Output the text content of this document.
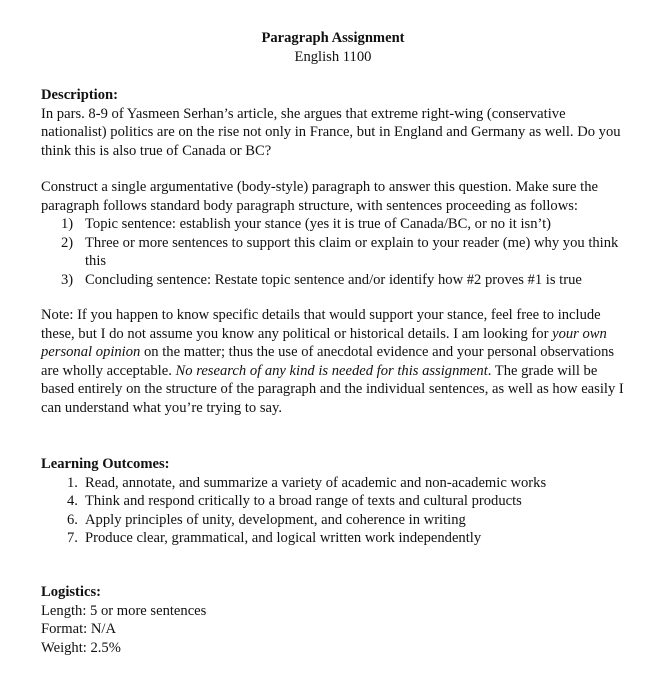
Paragraph Assignment
English 1100
Description:

In pars. 8-9 of Yasmeen Serhan’s article, she argues that extreme right-wing (conservative nationalist) politics are on the rise not only in France, but in England and Germany as well. Do you think this is also true of Canada or BC?

Construct a single argumentative (body-style) paragraph to answer this question. Make sure the paragraph follows standard body paragraph structure, with sentences proceeding as follows:

1) Topic sentence: establish your stance (yes it is true of Canada/BC, or no it isn’t)
2) Three or more sentences to support this claim or explain to your reader (me) why you think this
3) Concluding sentence: Restate topic sentence and/or identify how #2 proves #1 is true

Note: If you happen to know specific details that would support your stance, feel free to include these, but I do not assume you know any political or historical details. I am looking for your own personal opinion on the matter; thus the use of anecdotal evidence and your personal observations are wholly acceptable. No research of any kind is needed for this assignment. The grade will be based entirely on the structure of the paragraph and the individual sentences, as well as how easily I can understand what you’re trying to say.

Learning Outcomes:
1. Read, annotate, and summarize a variety of academic and non-academic works
4. Think and respond critically to a broad range of texts and cultural products
6. Apply principles of unity, development, and coherence in writing
7. Produce clear, grammatical, and logical written work independently
Logistics:
Length: 5 or more sentences
Format: N/A
Weight: 2.5%
